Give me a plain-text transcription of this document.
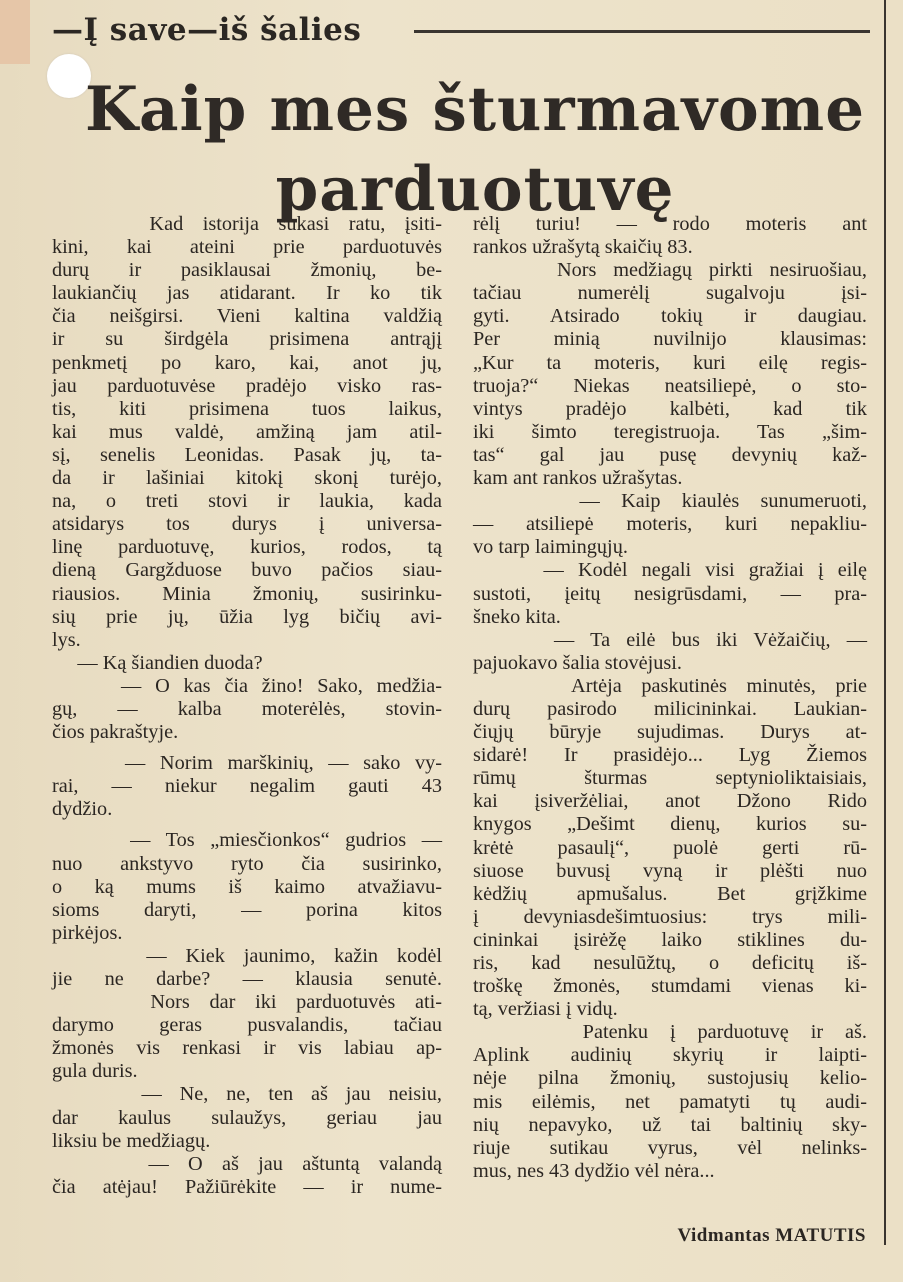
—Į save—iš šalies
Kaip mes šturmavome parduotuvę
Kad istorija sukasi ratu, įsiti-
kini, kai ateini prie parduotuvės
durų ir pasiklausai žmonių, be-
laukiančių jas atidarant. Ir ko tik
čia neišgirsi. Vieni kaltina valdžią
ir su širdgėla prisimena antrąjį
penkmetį po karo, kai, anot jų,
jau parduotuvėse pradėjo visko ras-
tis, kiti prisimena tuos laikus,
kai mus valdė, amžiną jam atil-
sį, senelis Leonidas. Pasak jų, ta-
da ir lašiniai kitokį skonį turėjo,
na, o treti stovi ir laukia, kada
atsidarys tos durys į universa-
linę parduotuvę, kurios, rodos, tą
dieną Gargžduose buvo pačios siau-
riausios. Minia žmonių, susirinku-
sių prie jų, ūžia lyg bičių avi-
lys.
— Ką šiandien duoda?
— O kas čia žino! Sako, medžia-
gų, — kalba moterėlės, stovin-
čios pakraštyje.
— Norim marškinių, — sako vy-
rai, — niekur negalim gauti 43
dydžio.
— Tos „miesčionkos“ gudrios —
nuo ankstyvo ryto čia susirinko,
o ką mums iš kaimo atvažiavu-
sioms daryti, — porina kitos
pirkėjos.
— Kiek jaunimo, kažin kodėl
jie ne darbe? — klausia senutė.
Nors dar iki parduotuvės ati-
darymo geras pusvalandis, tačiau
žmonės vis renkasi ir vis labiau ap-
gula duris.
— Ne, ne, ten aš jau neisiu,
dar kaulus sulaužys, geriau jau
liksiu be medžiagų.
— O aš jau aštuntą valandą
čia atėjau! Pažiūrėkite — ir nume-
rėlį turiu! — rodo moteris ant
rankos užrašytą skaičių 83.
Nors medžiagų pirkti nesiruošiau,
tačiau numerėlį sugalvoju įsi-
gyti. Atsirado tokių ir daugiau.
Per minią nuvilnijo klausimas:
„Kur ta moteris, kuri eilę regis-
truoja?“ Niekas neatsiliepė, o sto-
vintys pradėjo kalbėti, kad tik
iki šimto teregistruoja. Tas „šim-
tas“ gal jau pusę devynių kaž-
kam ant rankos užrašytas.
— Kaip kiaulės sunumeruoti,
— atsiliepė moteris, kuri nepakliu-
vo tarp laimingųjų.
— Kodėl negali visi gražiai į eilę
sustoti, įeitų nesigrūsdami, — pra-
šneko kita.
— Ta eilė bus iki Vėžaičių, —
pajuokavo šalia stovėjusi.
Artėja paskutinės minutės, prie
durų pasirodo milicininkai. Laukian-
čiųjų būryje sujudimas. Durys at-
sidarė! Ir prasidėjo... Lyg Žiemos
rūmų šturmas septynioliktaisiais,
kai įsiveržėliai, anot Džono Rido
knygos „Dešimt dienų, kurios su-
krėtė pasaulį“, puolė gerti rū-
siuose buvusį vyną ir plėšti nuo
kėdžių apmušalus. Bet grįžkime
į devyniasdešimtuosius: trys mili-
cininkai įsirėžę laiko stiklines du-
ris, kad nesulūžtų, o deficitų iš-
troškę žmonės, stumdami vienas ki-
tą, veržiasi į vidų.
Patenku į parduotuvę ir aš.
Aplink audinių skyrių ir laipti-
nėje pilna žmonių, sustojusių kelio-
mis eilėmis, net pamatyti tų audi-
nių nepavyko, už tai baltinių sky-
riuje sutikau vyrus, vėl nelinks-
mus, nes 43 dydžio vėl nėra...
Vidmantas MATUTIS
